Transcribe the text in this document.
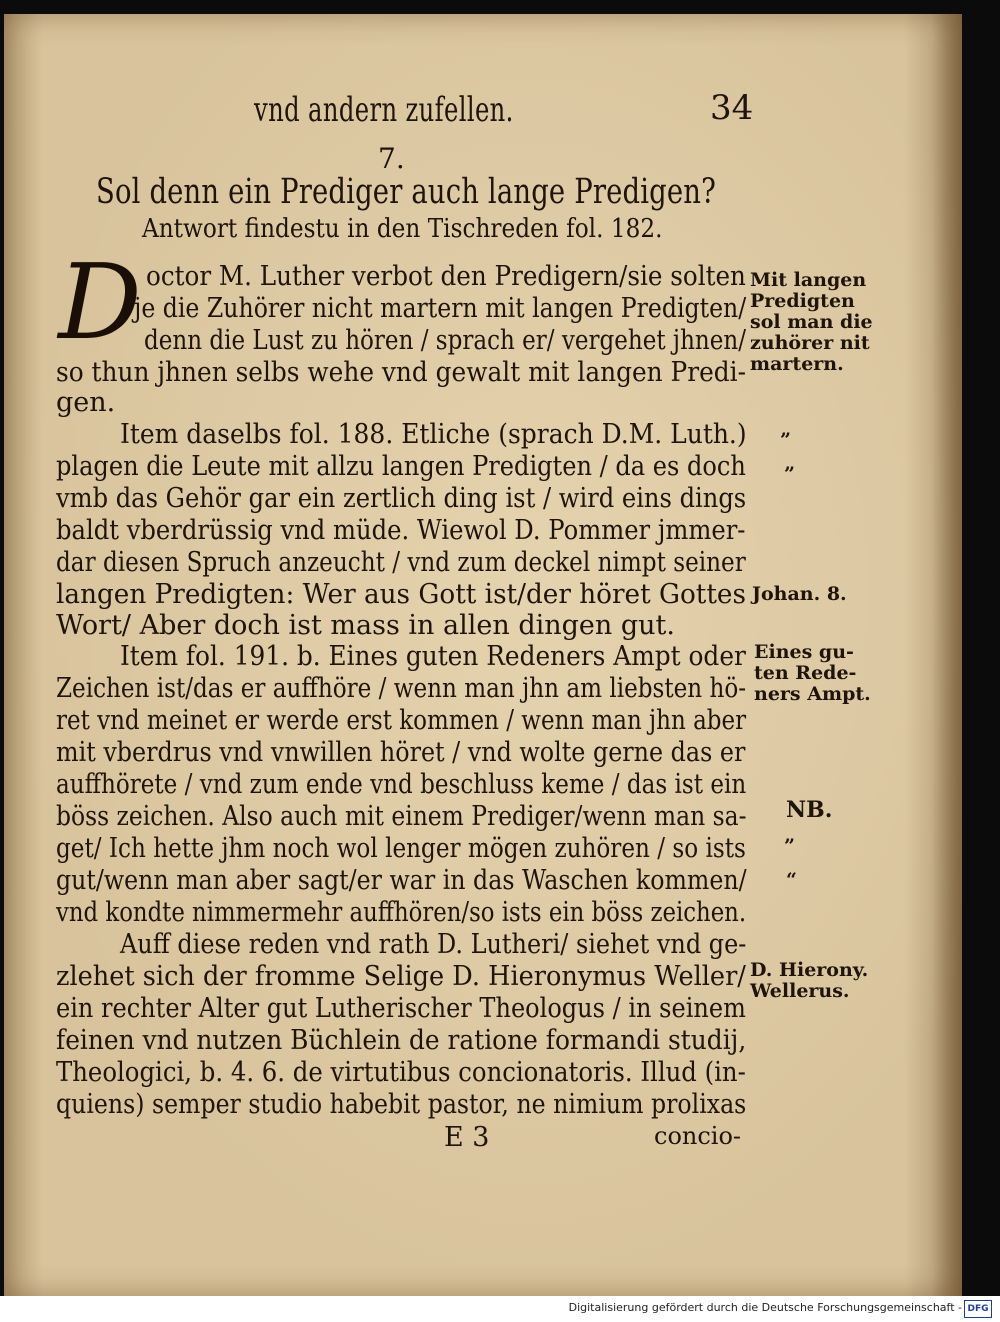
vnd andern zufellen.	34
7.
Sol denn ein Prediger auch lange Predigen?
Antwort findestu in den Tischreden fol. 182.
D octor M. Luther verbot den Predigern/sie solten
je die Zuhörer nicht martern mit langen Predigten/
denn die Lust zu hören / sprach er/ vergehet jhnen/
so thun jhnen selbs wehe vnd gewalt mit langen Predi-
gen.
Item daselbs fol. 188. Etliche (sprach D.M. Luth.)
plagen die Leute mit allzu langen Predigten / da es doch
vmb das Gehör gar ein zertlich ding ist / wird eins dings
baldt vberdrüssig vnd müde. Wiewol D. Pommer jmmer-
dar diesen Spruch anzeucht / vnd zum deckel nimpt seiner
langen Predigten: Wer aus Gott ist/der höret Gottes
Wort/ Aber doch ist mass in allen dingen gut.
Item fol. 191. b. Eines guten Redeners Ampt oder
Zeichen ist/das er auffhöre / wenn man jhn am liebsten hö-
ret vnd meinet er werde erst kommen / wenn man jhn aber
mit vberdrus vnd vnwillen höret / vnd wolte gerne das er
auffhörete / vnd zum ende vnd beschluss keme / das ist ein
böss zeichen. Also auch mit einem Prediger/wenn man sa-
get/ Ich hette jhm noch wol lenger mögen zuhören / so ists
gut/wenn man aber sagt/er war in das Waschen kommen/
vnd kondte nimmermehr auffhören/so ists ein böss zeichen.
Auff diese reden vnd rath D. Lutheri/ siehet vnd ge-
zlehet sich der fromme Selige D. Hieronymus Weller/
ein rechter Alter gut Lutherischer Theologus / in seinem
feinen vnd nutzen Büchlein de ratione formandi studij,
Theologici, b. 4. 6. de virtutibus concionatoris. Illud (in-
quiens) semper studio habebit pastor, ne nimium prolixas
Mit langen
Predigten
sol man die
zuhörer nit
martern.
”
”
Johan. 8.
Eines gu-
ten Rede-
ners Ampt.
NB.
”
“
D. Hierony.
Wellerus.
E 3	concio-
Digitalisierung gefördert durch die Deutsche Forschungsgemeinschaft - DFG
